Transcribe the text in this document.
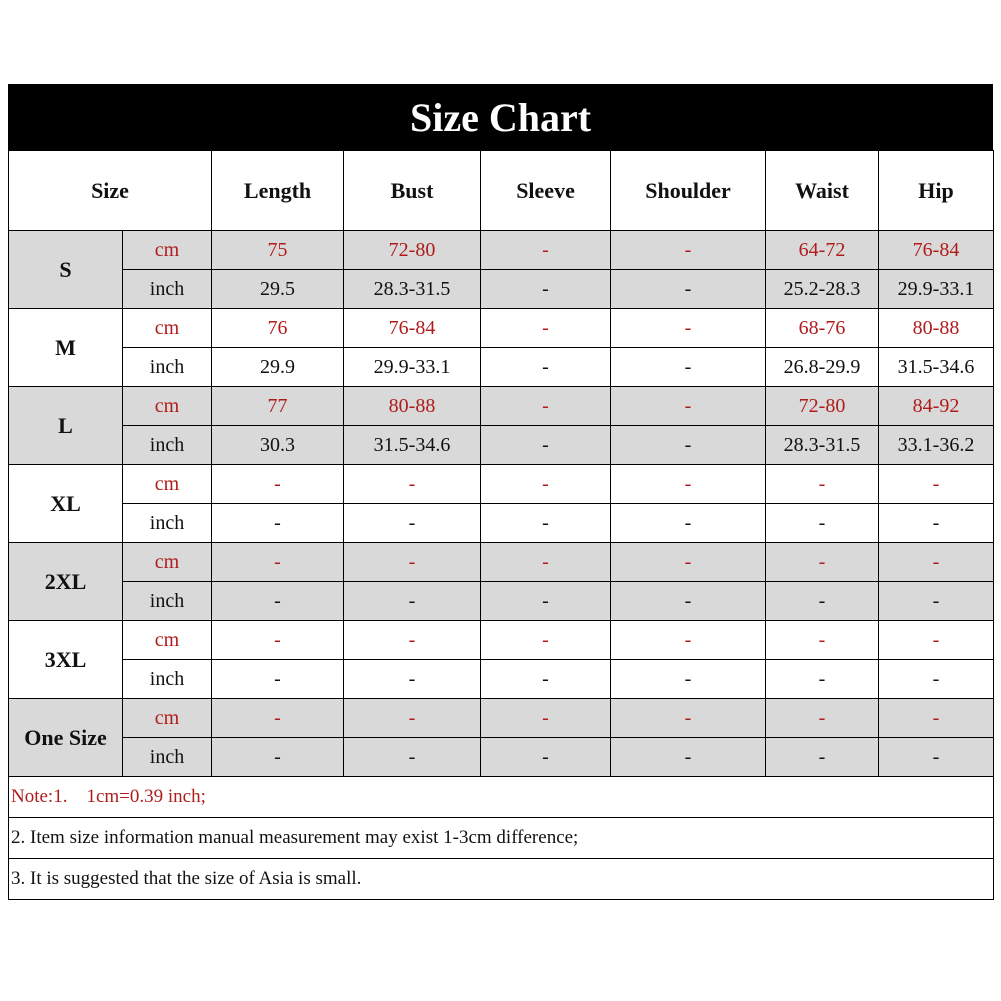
Size Chart
Size		Length	Bust	Sleeve	Shoulder	Waist	Hip
S	cm	75	72-80	-	-	64-72	76-84
	inch	29.5	28.3-31.5	-	-	25.2-28.3	29.9-33.1
M	cm	76	76-84	-	-	68-76	80-88
	inch	29.9	29.9-33.1	-	-	26.8-29.9	31.5-34.6
L	cm	77	80-88	-	-	72-80	84-92
	inch	30.3	31.5-34.6	-	-	28.3-31.5	33.1-36.2
XL	cm	-	-	-	-	-	-
	inch	-	-	-	-	-	-
2XL	cm	-	-	-	-	-	-
	inch	-	-	-	-	-	-
3XL	cm	-	-	-	-	-	-
	inch	-	-	-	-	-	-
One Size	cm	-	-	-	-	-	-
	inch	-	-	-	-	-	-
Note:1.    1cm=0.39 inch;							
2. Item size information manual measurement may exist 1-3cm difference;							
3. It is suggested that the size of Asia is small.							
